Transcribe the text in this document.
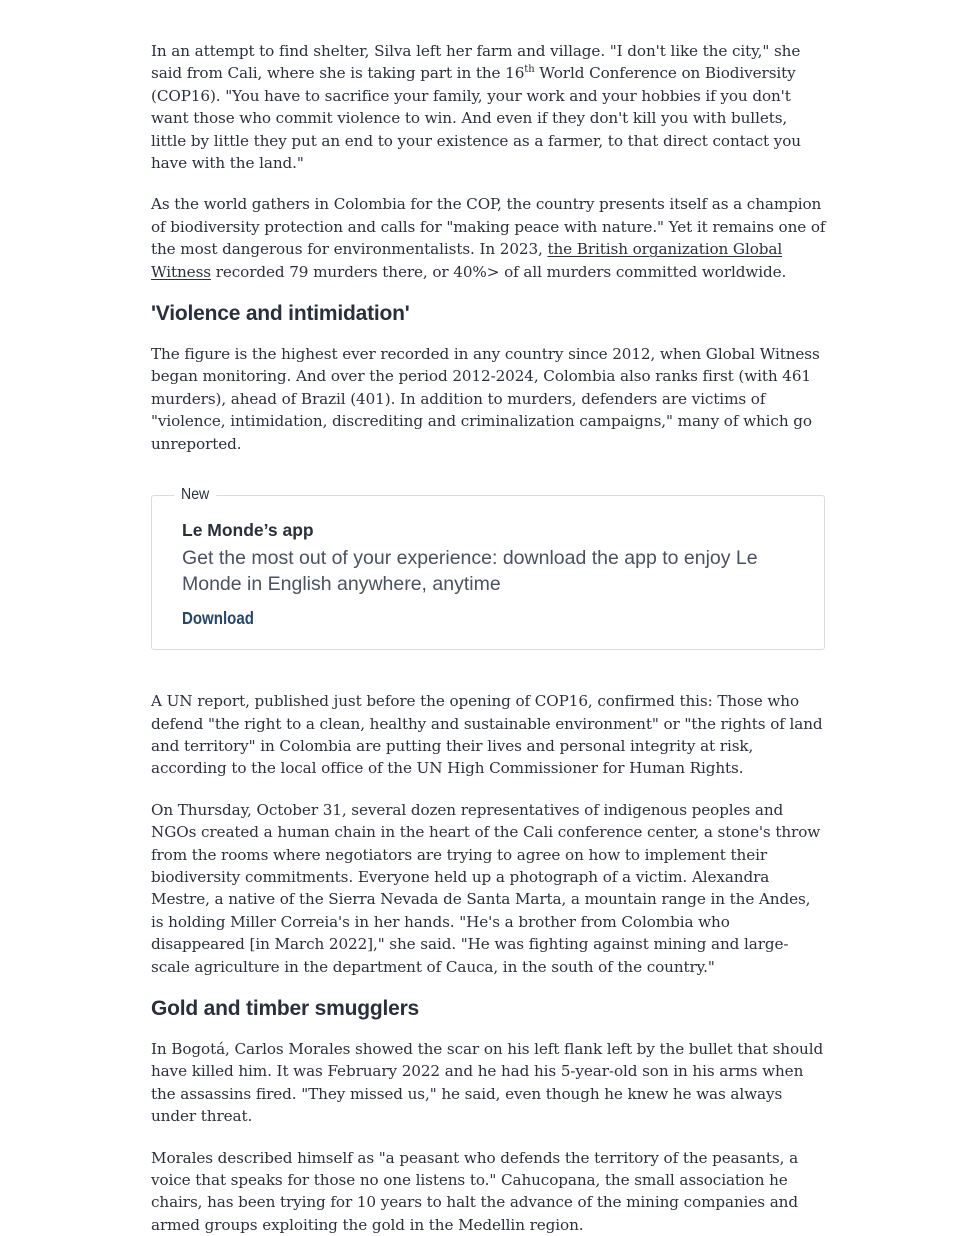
In an attempt to find shelter, Silva left her farm and village. "I don't like the city," she said from Cali, where she is taking part in the 16th World Conference on Biodiversity (COP16). "You have to sacrifice your family, your work and your hobbies if you don't want those who commit violence to win. And even if they don't kill you with bullets, little by little they put an end to your existence as a farmer, to that direct contact you have with the land."

As the world gathers in Colombia for the COP, the country presents itself as a champion of biodiversity protection and calls for "making peace with nature." Yet it remains one of the most dangerous for environmentalists. In 2023, the British organization Global Witness recorded 79 murders there, or 40%> of all murders committed worldwide.

'Violence and intimidation'

The figure is the highest ever recorded in any country since 2012, when Global Witness began monitoring. And over the period 2012-2024, Colombia also ranks first (with 461 murders), ahead of Brazil (401). In addition to murders, defenders are victims of "violence, intimidation, discrediting and criminalization campaigns," many of which go unreported.

New
Le Monde’s app
Get the most out of your experience: download the app to enjoy Le Monde in English anywhere, anytime
Download

A UN report, published just before the opening of COP16, confirmed this: Those who defend "the right to a clean, healthy and sustainable environment" or "the rights of land and territory" in Colombia are putting their lives and personal integrity at risk, according to the local office of the UN High Commissioner for Human Rights.

On Thursday, October 31, several dozen representatives of indigenous peoples and NGOs created a human chain in the heart of the Cali conference center, a stone's throw from the rooms where negotiators are trying to agree on how to implement their biodiversity commitments. Everyone held up a photograph of a victim. Alexandra Mestre, a native of the Sierra Nevada de Santa Marta, a mountain range in the Andes, is holding Miller Correia's in her hands. "He's a brother from Colombia who disappeared [in March 2022]," she said. "He was fighting against mining and large-scale agriculture in the department of Cauca, in the south of the country."

Gold and timber smugglers

In Bogotá, Carlos Morales showed the scar on his left flank left by the bullet that should have killed him. It was February 2022 and he had his 5-year-old son in his arms when the assassins fired. "They missed us," he said, even though he knew he was always under threat.

Morales described himself as "a peasant who defends the territory of the peasants, a voice that speaks for those no one listens to." Cahucopana, the small association he chairs, has been trying for 10 years to halt the advance of the mining companies and armed groups exploiting the gold in the Medellin region.
